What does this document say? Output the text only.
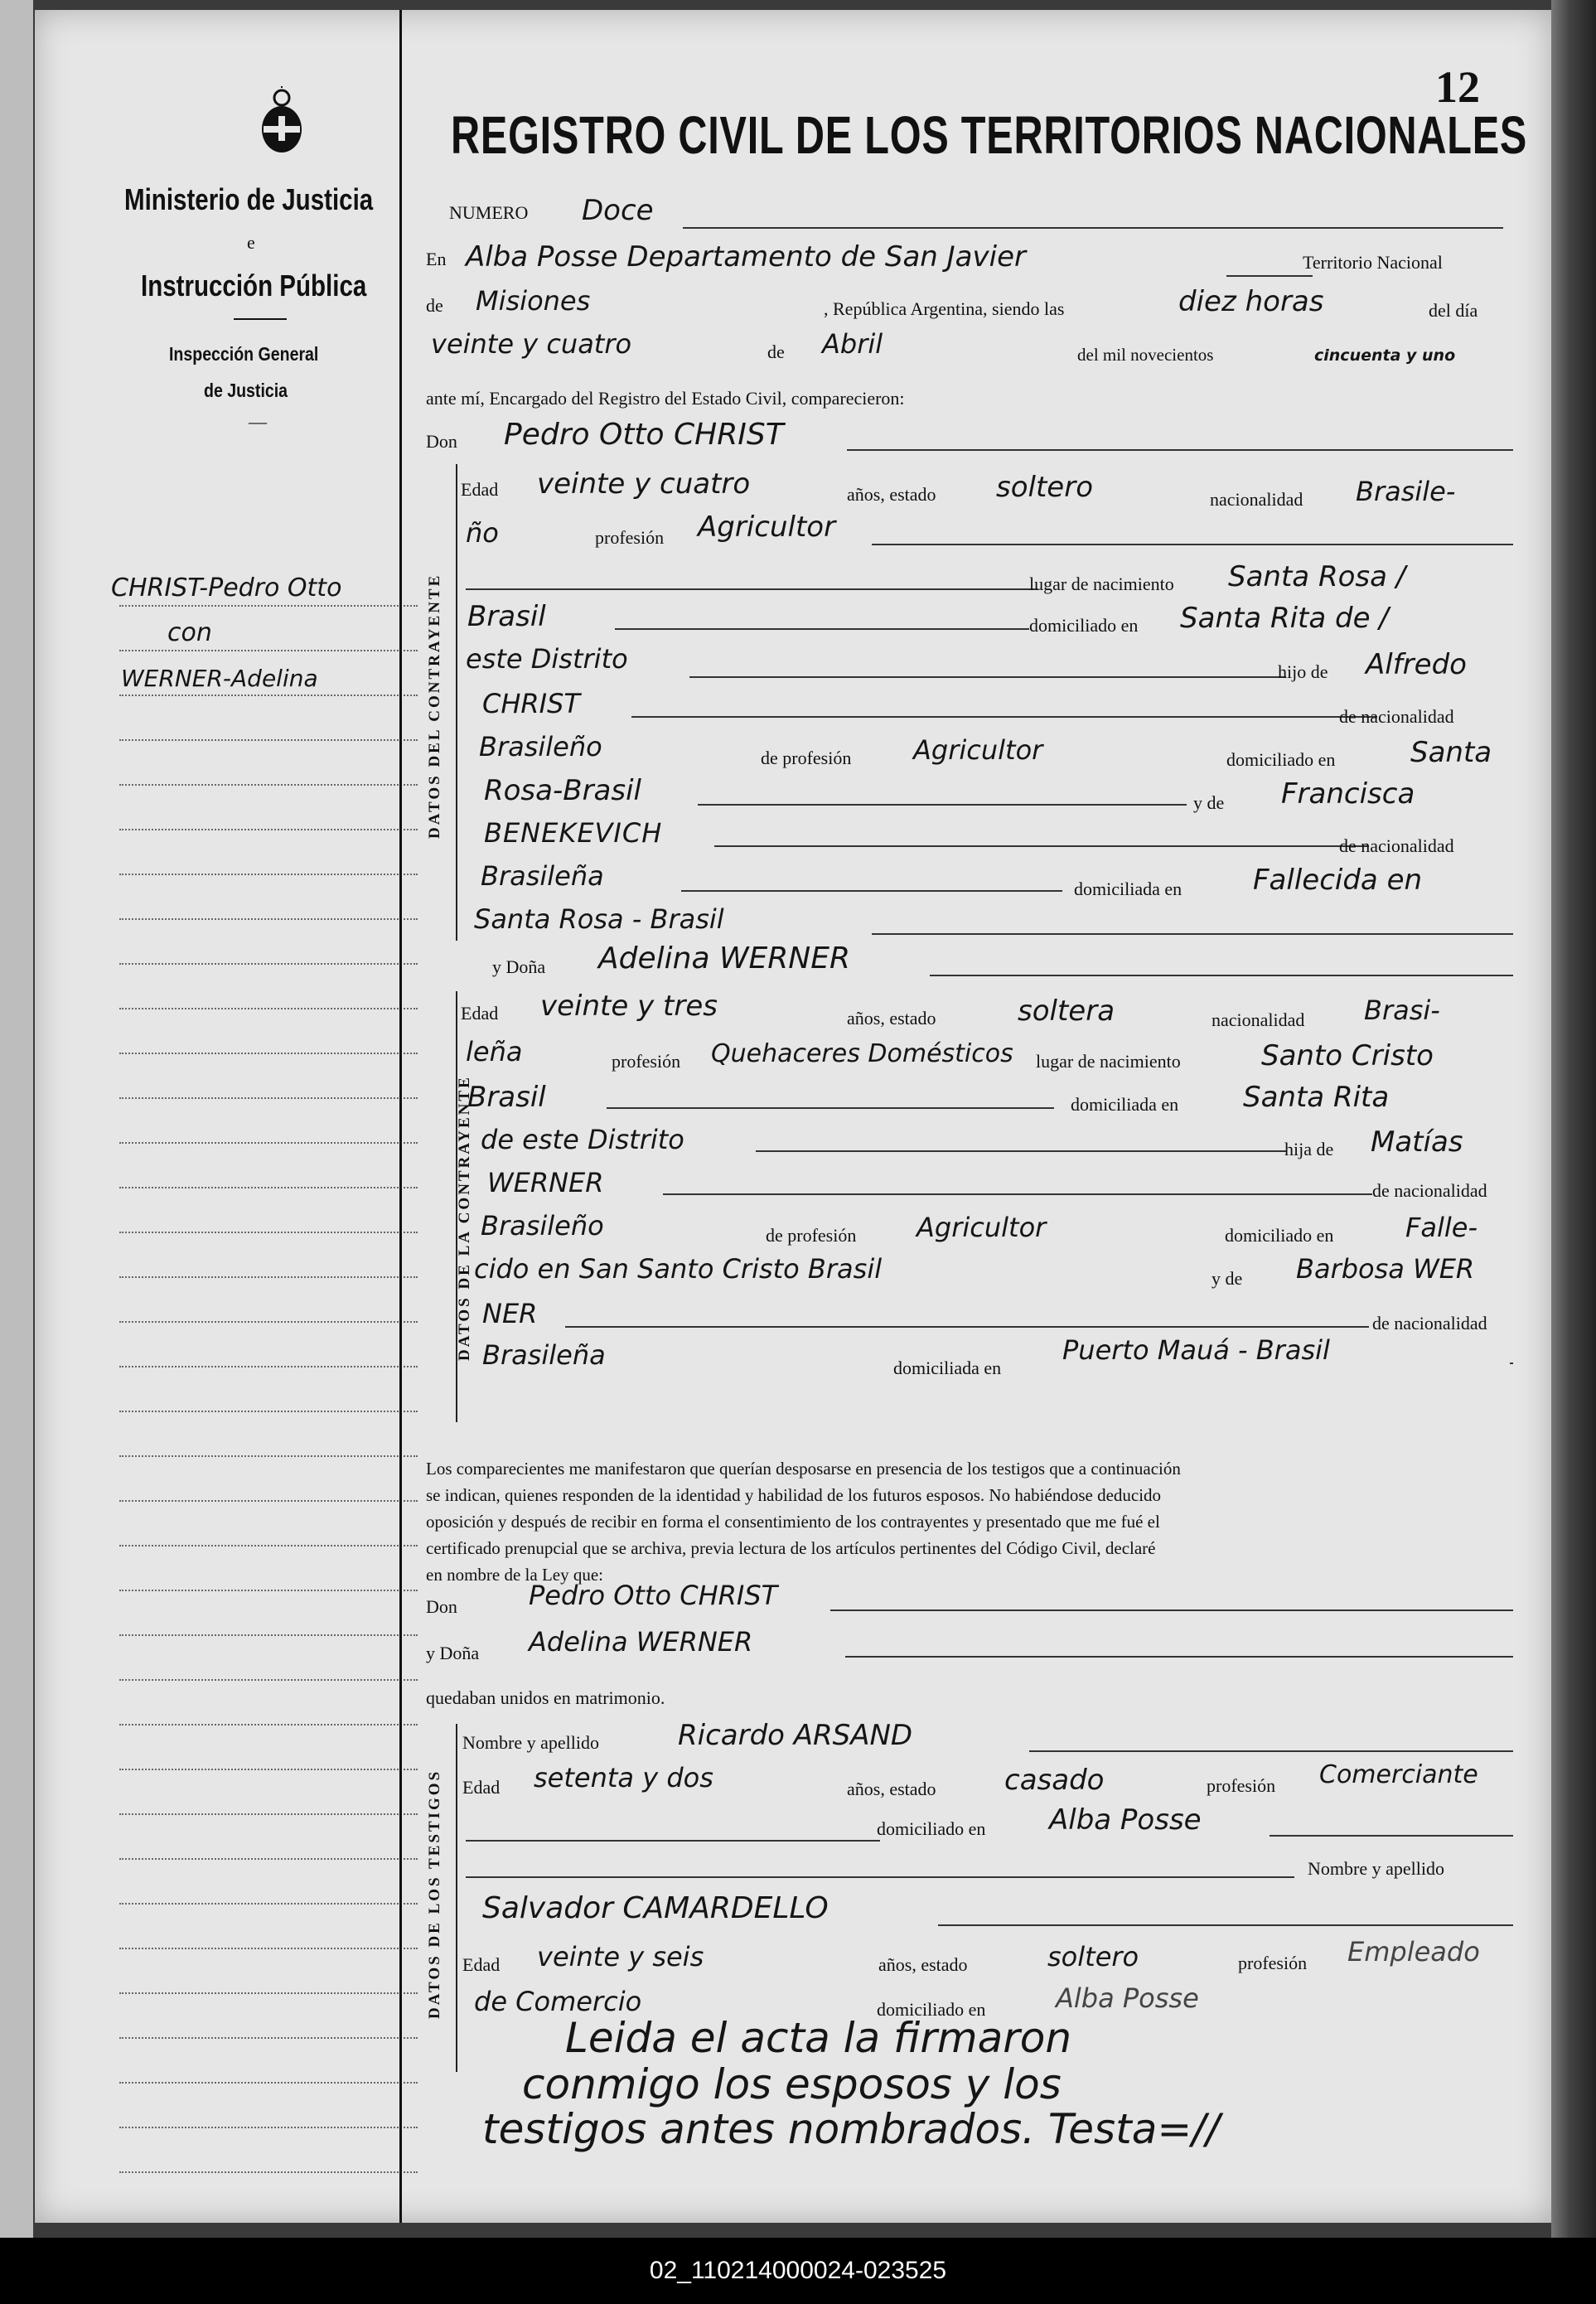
Ministerio de Justicia
e
Instrucción Pública
Inspección General
de Justicia
—
CHRIST-Pedro Otto
con
WERNER-Adelina
12
REGISTRO CIVIL DE LOS TERRITORIOS NACIONALES
NUMERO Doce
En Alba Posse Departamento de San Javier	Territorio Nacional
de Misiones	, República Argentina, siendo las	diez horas	del día
veinte y cuatro	de Abril	del mil novecientos	cincuenta y uno
ante mí, Encargado del Registro del Estado Civil, comparecieron:
Don Pedro Otto CHRIST
DATOS DEL CONTRAYENTE
Edad veinte y cuatro	años, estado soltero	nacionalidad Brasile-
ño	profesión Agricultor
lugar de nacimiento Santa Rosa /
Brasil	domiciliado en Santa Rita de /
este Distrito	hijo de Alfredo
CHRIST	de nacionalidad
Brasileño	de profesión Agricultor	domiciliado en	Santa
Rosa-Brasil	y de Francisca
BENEKEVICH	de nacionalidad
Brasileña	domiciliada en	Fallecida en
Santa Rosa - Brasil
y Doña Adelina WERNER
DATOS DE LA CONTRAYENTE
Edad veinte y tres	años, estado	soltera	nacionalidad Brasi-
leña	profesión Quehaceres Domésticos lugar de nacimiento	Santo Cristo
Brasil	domiciliada en Santa Rita
de este Distrito	hija de Matías
WERNER	de nacionalidad
Brasileño	de profesión Agricultor	domiciliado en	Falle-
cido en San Santo Cristo Brasil	y de Barbosa WER
NER	de nacionalidad
Brasileña	domiciliada en
Puerto Mauá - Brasil
Los comparecientes me manifestaron que querían desposarse en presencia de los testigos que a continuación
se indican, quienes responden de la identidad y habilidad de los futuros esposos. No habiéndose deducido
oposición y después de recibir en forma el consentimiento de los contrayentes y presentado que me fué el
certificado prenupcial que se archiva, previa lectura de los artículos pertinentes del Código Civil, declaré
en nombre de la Ley que:
Don	Pedro Otto CHRIST
y Doña Adelina WERNER
quedaban unidos en matrimonio.
DATOS DE LOS TESTIGOS
Nombre y apellido	Ricardo ARSAND
Edad setenta y dos	años, estado casado	profesión Comerciante
domiciliado en Alba Posse
Nombre y apellido
Salvador CAMARDELLO
Edad veinte y seis	años, estado	soltero	profesión Empleado
de Comercio	domiciliado en	Alba Posse
Leida el acta la firmaron
conmigo los esposos y los
testigos antes nombrados. Testa=//
02_110214000024-023525
